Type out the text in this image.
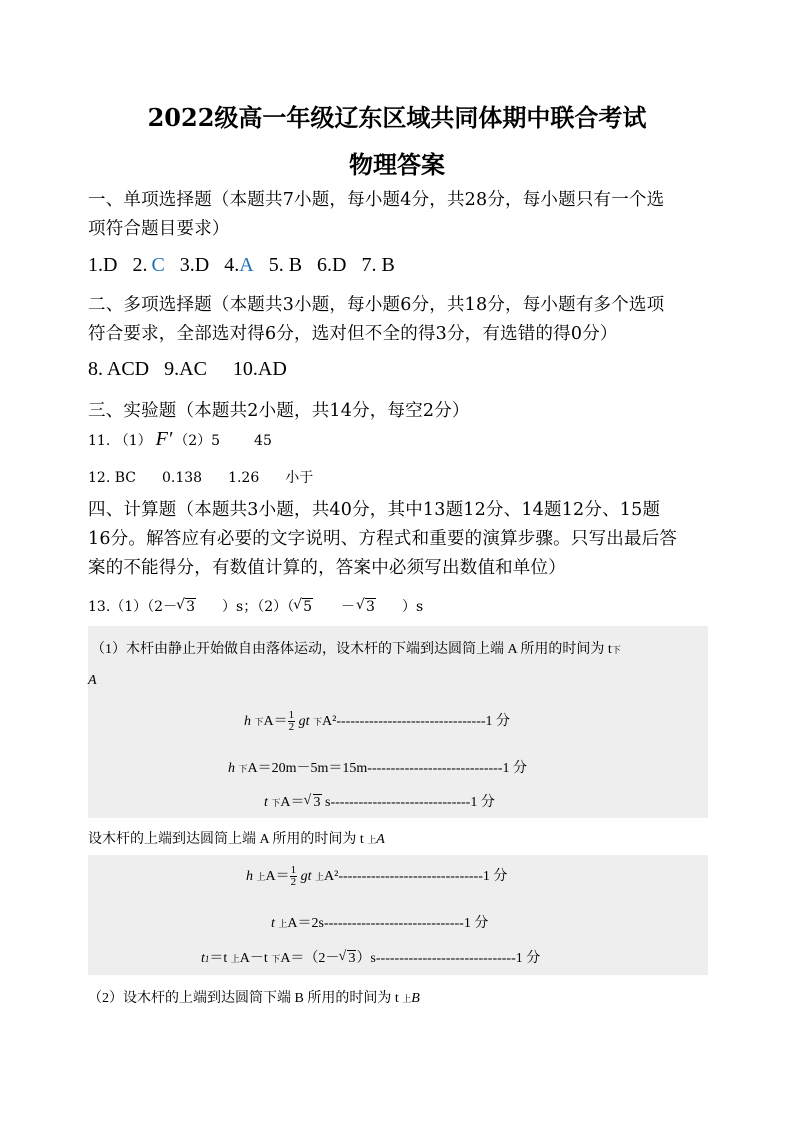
2022级高一年级辽东区域共同体期中联合考试
物理答案
一、单项选择题（本题共7小题，每小题4分，共28分，每小题只有一个选
项符合题目要求）
1.D 2. C 3.D 4.A 5. B 6.D 7. B
二、多项选择题（本题共3小题，每小题6分，共18分，每小题有多个选项
符合要求，全部选对得6分，选对但不全的得3分，有选错的得0分）
8. ACD 9.AC 10.AD
三、实验题（本题共2小题，共14分，每空2分）
11. （1） F′ （2）5 45
12. BC 0.138 1.26 小于
四、计算题（本题共3小题，共40分，其中13题12分、14题12分、15题
16分。解答应有必要的文字说明、方程式和重要的演算步骤。只写出最后答
案的不能得分，有数值计算的，答案中必须写出数值和单位）
13.（1）（2－ √ 3 ）s；（2）（ √ 5 － √ 3 ）s
（1）木杆由静止开始做自由落体运动，设木杆的下端到达圆筒上端 A 所用的时间为 t下
A
h 下$A= \frac{1}{2}$ gt 下A²--------------------------------1 分
h 下A＝20m－5m＝15m-----------------------------1 分
t 下A＝ √ 3 s------------------------------1 分
设木杆的上端到达圆筒上端 A 所用的时间为 t 上A
h 上$A= \frac{1}{2}$ gt 上A²-------------------------------1 分
t 上A＝2s------------------------------1 分
t1＝t 上A－t 下A＝（2－ √ 3）s------------------------------1 分
（2）设木杆的上端到达圆筒下端 B 所用的时间为 t 上B
